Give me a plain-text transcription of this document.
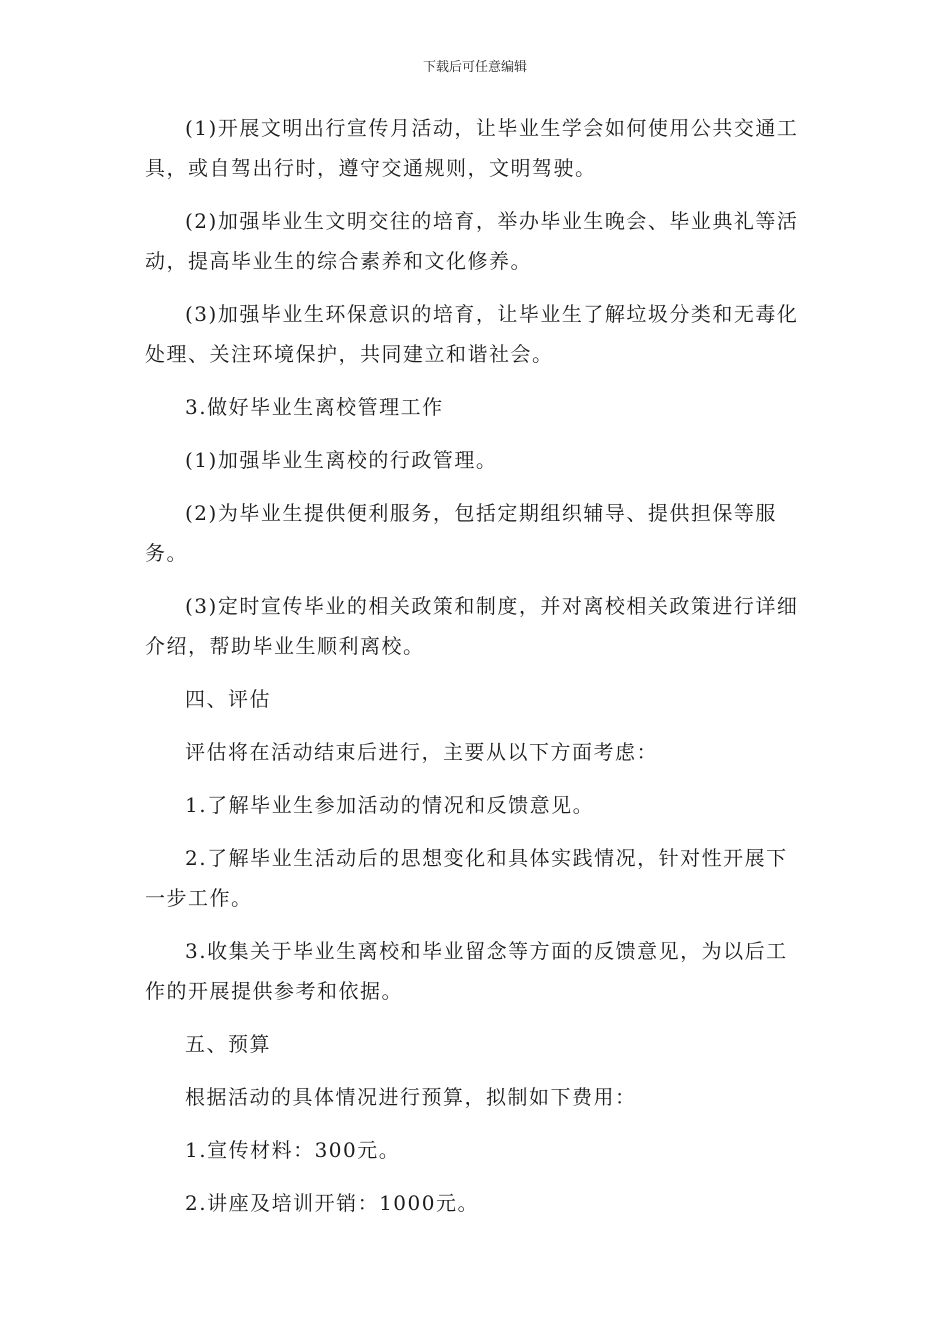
下载后可任意编辑

(1)开展文明出行宣传月活动，让毕业生学会如何使用公共交通工具，或自驾出行时，遵守交通规则，文明驾驶。

(2)加强毕业生文明交往的培育，举办毕业生晚会、毕业典礼等活动，提高毕业生的综合素养和文化修养。

(3)加强毕业生环保意识的培育，让毕业生了解垃圾分类和无毒化处理、关注环境保护，共同建立和谐社会。

3.做好毕业生离校管理工作

(1)加强毕业生离校的行政管理。

(2)为毕业生提供便利服务，包括定期组织辅导、提供担保等服务。

(3)定时宣传毕业的相关政策和制度，并对离校相关政策进行详细介绍，帮助毕业生顺利离校。

四、评估

评估将在活动结束后进行，主要从以下方面考虑：

1.了解毕业生参加活动的情况和反馈意见。

2.了解毕业生活动后的思想变化和具体实践情况，针对性开展下一步工作。

3.收集关于毕业生离校和毕业留念等方面的反馈意见，为以后工作的开展提供参考和依据。

五、预算

根据活动的具体情况进行预算，拟制如下费用：

1.宣传材料：300元。

2.讲座及培训开销：1000元。
